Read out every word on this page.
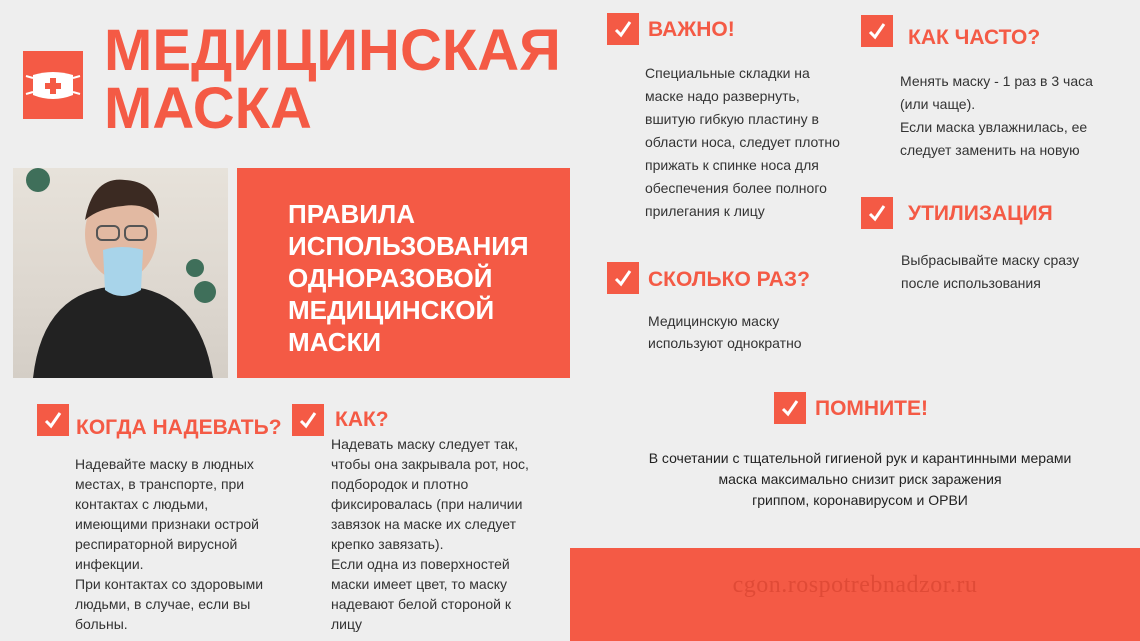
МЕДИЦИНСКАЯ
МАСКА
ПРАВИЛА
ИСПОЛЬЗОВАНИЯ
ОДНОРАЗОВОЙ
МЕДИЦИНСКОЙ
МАСКИ
ВАЖНО!
Специальные складки на
маске надо развернуть,
вшитую гибкую пластину в
области носа, следует плотно
прижать к спинке носа для
обеспечения более полного
прилегания к лицу
КАК ЧАСТО?
Менять маску - 1 раз в 3 часа
(или чаще).
Если маска увлажнилась, ее
следует заменить на новую
УТИЛИЗАЦИЯ
Выбрасывайте маску сразу
после использования
СКОЛЬКО РАЗ?
Медицинскую маску
используют однократно
ПОМНИТЕ!
В сочетании с тщательной гигиеной рук и карантинными мерами
маска максимально снизит риск заражения
гриппом, коронавирусом и ОРВИ
КОГДА НАДЕВАТЬ?
Надевайте маску в людных
местах, в транспорте, при
контактах с людьми,
имеющими признаки острой
респираторной вирусной
инфекции.
При контактах со здоровыми
людьми, в случае, если вы
больны.
КАК?
Надевать маску следует так,
чтобы она закрывала рот, нос,
подбородок и плотно
фиксировалась (при наличии
завязок на маске их следует
крепко завязать).
Если одна из поверхностей
маски имеет цвет, то маску
надевают белой стороной к
лицу
cgon.rospotrebnadzor.ru
